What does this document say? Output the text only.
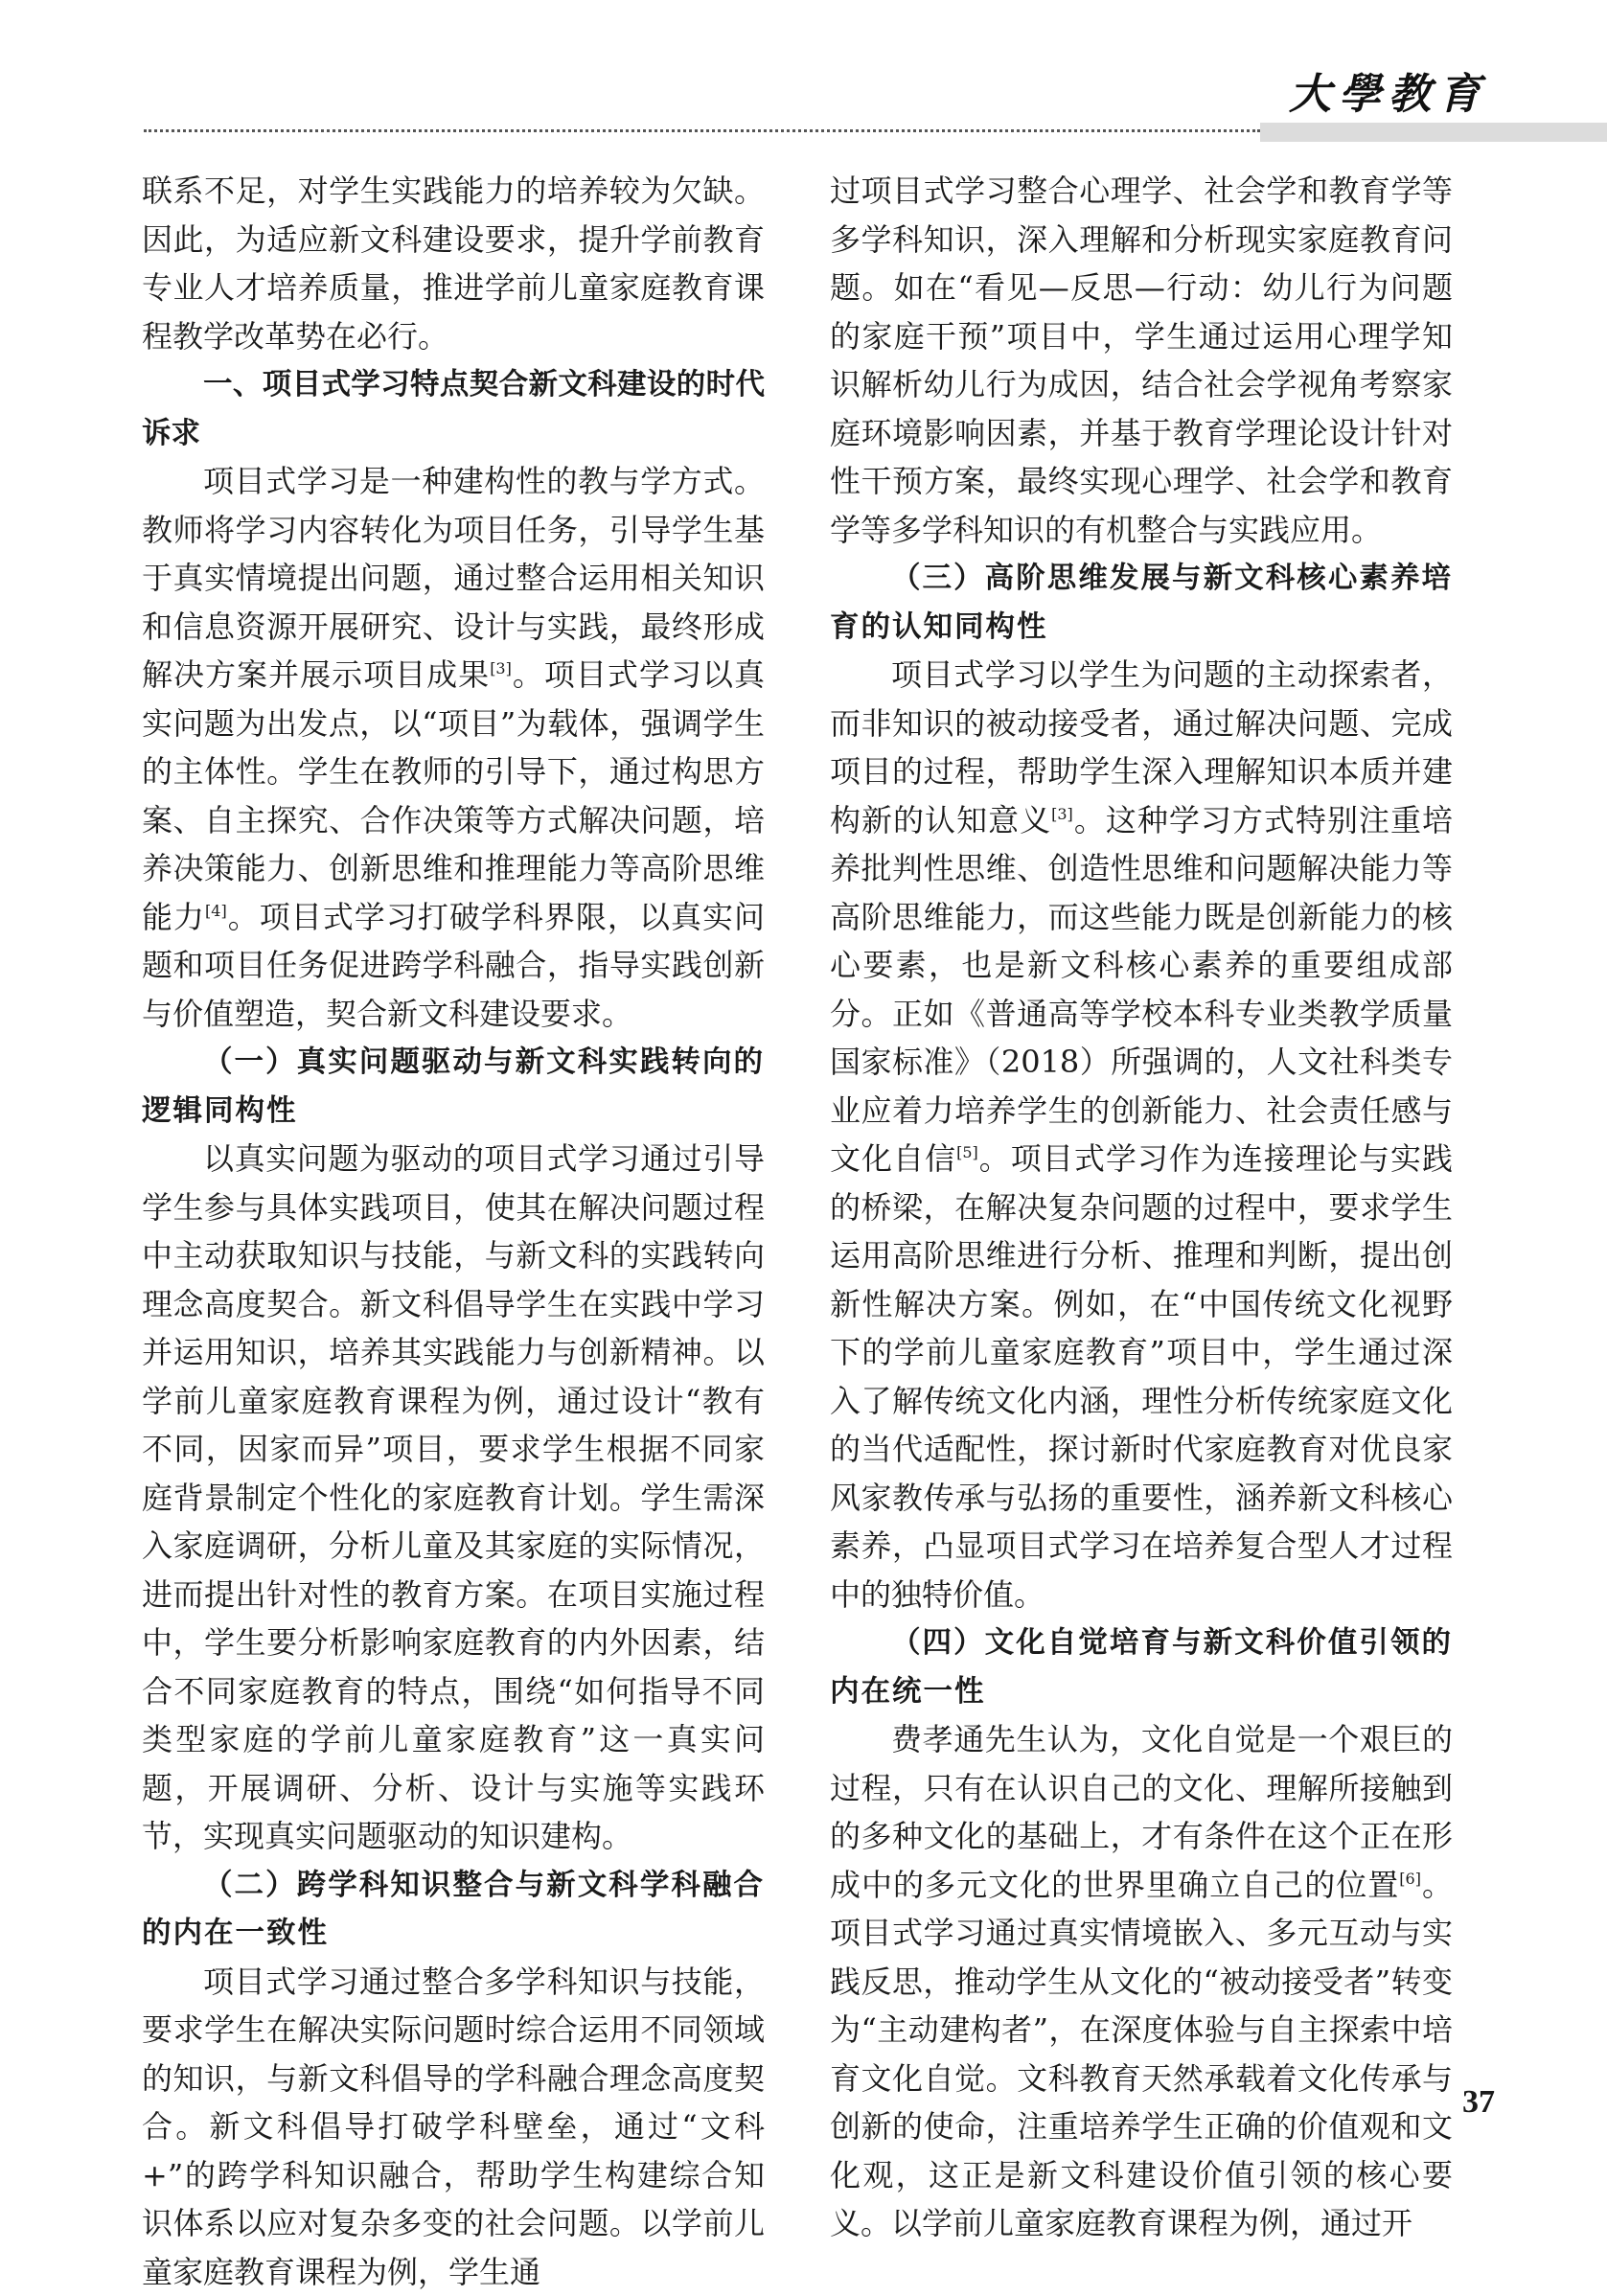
大學教育

联系不足，对学生实践能力的培养较为欠缺。因此，为适应新文科建设要求，提升学前教育专业人才培养质量，推进学前儿童家庭教育课程教学改革势在必行。

一、项目式学习特点契合新文科建设的时代诉求

项目式学习是一种建构性的教与学方式。教师将学习内容转化为项目任务，引导学生基于真实情境提出问题，通过整合运用相关知识和信息资源开展研究、设计与实践，最终形成解决方案并展示项目成果[3]。项目式学习以真实问题为出发点，以“项目”为载体，强调学生的主体性。学生在教师的引导下，通过构思方案、自主探究、合作决策等方式解决问题，培养决策能力、创新思维和推理能力等高阶思维能力[4]。项目式学习打破学科界限，以真实问题和项目任务促进跨学科融合，指导实践创新与价值塑造，契合新文科建设要求。

（一）真实问题驱动与新文科实践转向的逻辑同构性

以真实问题为驱动的项目式学习通过引导学生参与具体实践项目，使其在解决问题过程中主动获取知识与技能，与新文科的实践转向理念高度契合。新文科倡导学生在实践中学习并运用知识，培养其实践能力与创新精神。以学前儿童家庭教育课程为例，通过设计“教有不同，因家而异”项目，要求学生根据不同家庭背景制定个性化的家庭教育计划。学生需深入家庭调研，分析儿童及其家庭的实际情况，进而提出针对性的教育方案。在项目实施过程中，学生要分析影响家庭教育的内外因素，结合不同家庭教育的特点，围绕“如何指导不同类型家庭的学前儿童家庭教育”这一真实问题，开展调研、分析、设计与实施等实践环节，实现真实问题驱动的知识建构。

（二）跨学科知识整合与新文科学科融合的内在一致性

项目式学习通过整合多学科知识与技能，要求学生在解决实际问题时综合运用不同领域的知识，与新文科倡导的学科融合理念高度契合。新文科倡导打破学科壁垒，通过“文科+”的跨学科知识融合，帮助学生构建综合知识体系以应对复杂多变的社会问题。以学前儿童家庭教育课程为例，学生通

过项目式学习整合心理学、社会学和教育学等多学科知识，深入理解和分析现实家庭教育问题。如在“看见—反思—行动：幼儿行为问题的家庭干预”项目中，学生通过运用心理学知识解析幼儿行为成因，结合社会学视角考察家庭环境影响因素，并基于教育学理论设计针对性干预方案，最终实现心理学、社会学和教育学等多学科知识的有机整合与实践应用。

（三）高阶思维发展与新文科核心素养培育的认知同构性

项目式学习以学生为问题的主动探索者，而非知识的被动接受者，通过解决问题、完成项目的过程，帮助学生深入理解知识本质并建构新的认知意义[3]。这种学习方式特别注重培养批判性思维、创造性思维和问题解决能力等高阶思维能力，而这些能力既是创新能力的核心要素，也是新文科核心素养的重要组成部分。正如《普通高等学校本科专业类教学质量国家标准》（2018）所强调的，人文社科类专业应着力培养学生的创新能力、社会责任感与文化自信[5]。项目式学习作为连接理论与实践的桥梁，在解决复杂问题的过程中，要求学生运用高阶思维进行分析、推理和判断，提出创新性解决方案。例如，在“中国传统文化视野下的学前儿童家庭教育”项目中，学生通过深入了解传统文化内涵，理性分析传统家庭文化的当代适配性，探讨新时代家庭教育对优良家风家教传承与弘扬的重要性，涵养新文科核心素养，凸显项目式学习在培养复合型人才过程中的独特价值。

（四）文化自觉培育与新文科价值引领的内在统一性

费孝通先生认为，文化自觉是一个艰巨的过程，只有在认识自己的文化、理解所接触到的多种文化的基础上，才有条件在这个正在形成中的多元文化的世界里确立自己的位置[6]。项目式学习通过真实情境嵌入、多元互动与实践反思，推动学生从文化的“被动接受者”转变为“主动建构者”，在深度体验与自主探索中培育文化自觉。文科教育天然承载着文化传承与创新的使命，注重培养学生正确的价值观和文化观，这正是新文科建设价值引领的核心要义。以学前儿童家庭教育课程为例，通过开

37
